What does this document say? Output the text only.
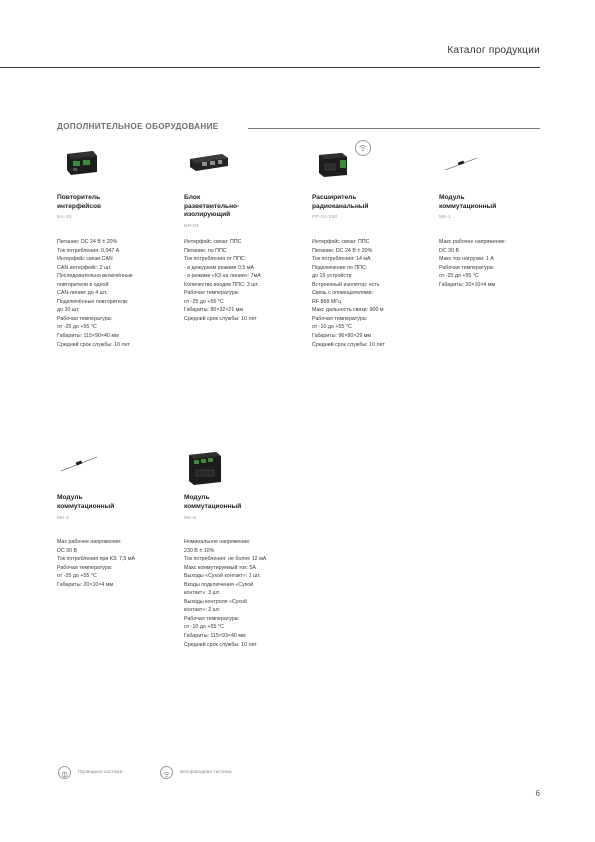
Каталог продукции
ДОПОЛНИТЕЛЬНОЕ ОБОРУДОВАНИЕ
Повторитель
интерфейсов
ВА-30
Питание: DC 24 В ± 20%
Ток потребления: 0,047 А
Интерфейс связи CAN
CAN интерфейс: 2 шт.
Последовательно включённые
повторители в одной
CAN-линии: до 4 шт.
Подключённые повторители:
до 30 шт.
Рабочая температура:
от -25 до +55 °С
Габариты: 115×90×40 мм
Средний срок службы: 10 лет
Блок
разветвительно-
изолирующий
БИ-04
Интерфейс связи: ППС
Питание: по ППС
Ток потребления от ППС:
- в дежурном режиме 0,5 мА
- в режиме «КЗ на линии»: 7мА
Количество входов ППС: 3 шт.
Рабочая температура:
от -25 до +55 °С
Габариты: 80×32×21 мм
Средний срок службы: 10 лет
Расширитель
радиоканальный
РР-02-250
Интерфейс связи: ППС
Питание: DC 24 В ± 20%
Ток потребления: 14 мА
Подключение по ППС:
до 15 устройств
Встроенный изолятор: есть
Связь с оповещателями:
RF 868 МГц
Макс дальность связи: 900 м
Рабочая температура:
от -10 до +55 °С
Габариты: 96×80×29 мм
Средний срок службы: 10 лет
Модуль
коммутационный
МК-1
Макс рабочее напряжение:
DC 30 В
Макс ток нагрузки: 1 А
Рабочая температура:
от -25 до +55 °С
Габариты: 20×10×4 мм
Модуль
коммутационный
МК-2
Max рабочее напряжение:
DC 30 В
Ток потребления при КЗ: 7,5 мА
Рабочая температура:
от -25 до +55 °С
Габариты: 20×10×4 мм
Модуль
коммутационный
МК-8
Номинальное напряжение:
230 В ± 10%
Ток потребления: не более 12 мА
Макс коммутируемый ток: 5А
Выходы «Сухой контакт»: 1 шт.
Входы подключения «Сухой
контакт»: 3 шт.
Выходы контроля «Сухой
контакт»: 2 шт.
Рабочая температура:
от -10 до +55 °С
Габариты: 115×93×40 мм
Средний срок службы: 10 лет
Проводная система	Беспроводная система
6
